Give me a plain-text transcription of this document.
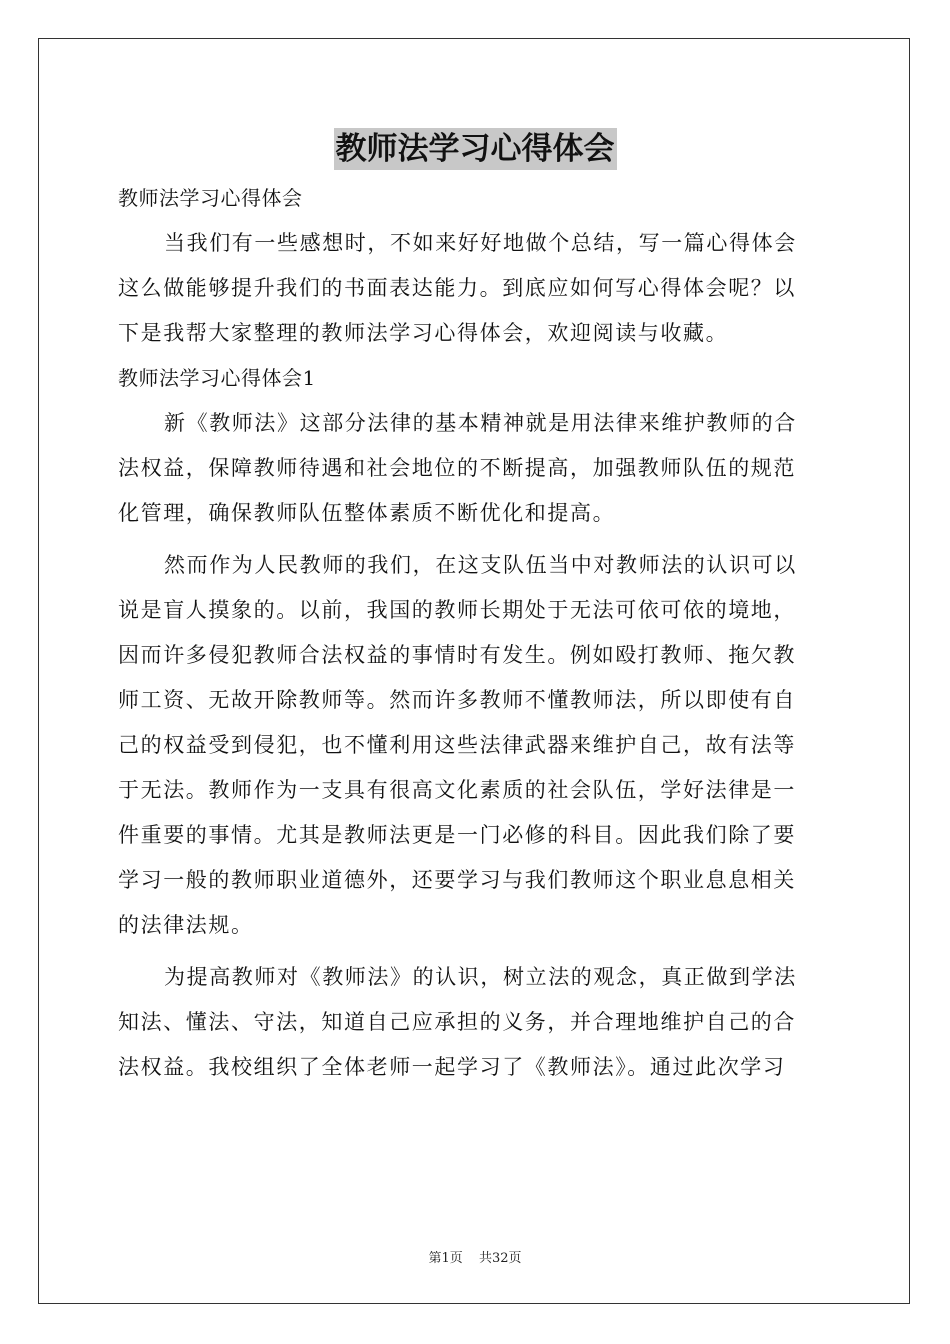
教师法学习心得体会
教师法学习心得体会
当我们有一些感想时，不如来好好地做个总结，写一篇心得体会
这么做能够提升我们的书面表达能力。到底应如何写心得体会呢？以
下是我帮大家整理的教师法学习心得体会，欢迎阅读与收藏。
教师法学习心得体会1
新《教师法》这部分法律的基本精神就是用法律来维护教师的合
法权益，保障教师待遇和社会地位的不断提高，加强教师队伍的规范
化管理，确保教师队伍整体素质不断优化和提高。
然而作为人民教师的我们，在这支队伍当中对教师法的认识可以
说是盲人摸象的。以前，我国的教师长期处于无法可依可依的境地，
因而许多侵犯教师合法权益的事情时有发生。例如殴打教师、拖欠教
师工资、无故开除教师等。然而许多教师不懂教师法，所以即使有自
己的权益受到侵犯，也不懂利用这些法律武器来维护自己，故有法等
于无法。教师作为一支具有很高文化素质的社会队伍，学好法律是一
件重要的事情。尤其是教师法更是一门必修的科目。因此我们除了要
学习一般的教师职业道德外，还要学习与我们教师这个职业息息相关
的法律法规。
为提高教师对《教师法》的认识，树立法的观念，真正做到学法
知法、懂法、守法，知道自己应承担的义务，并合理地维护自己的合
法权益。我校组织了全体老师一起学习了《教师法》。通过此次学习
第1页 共32页
